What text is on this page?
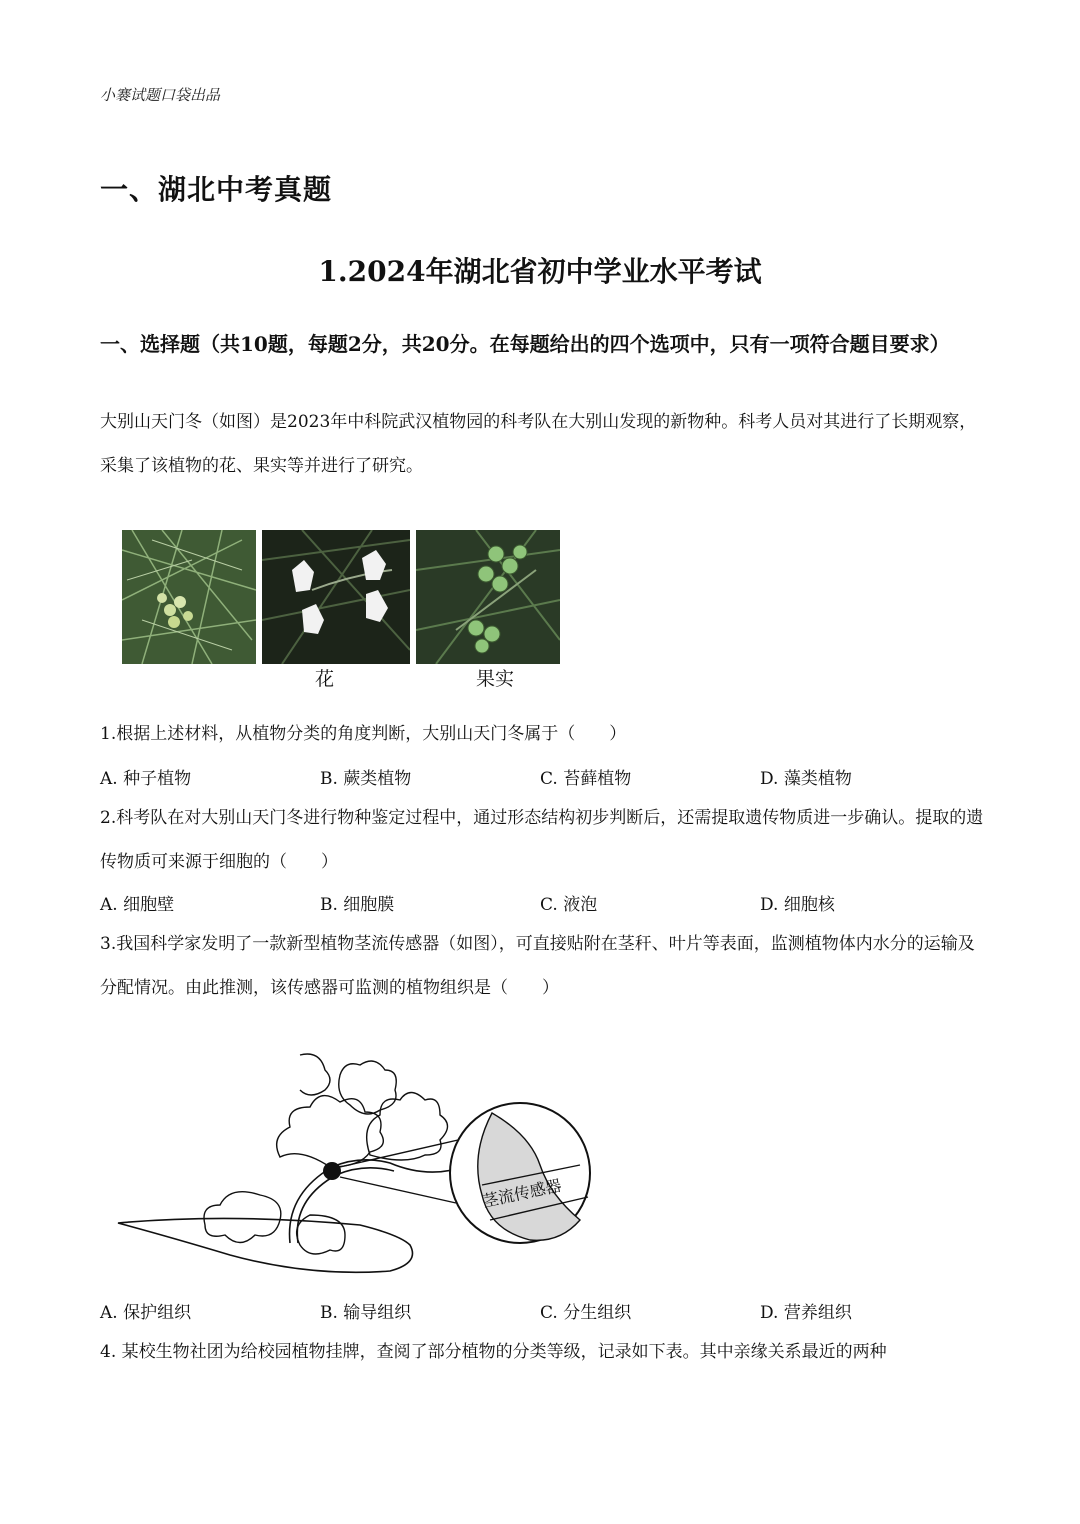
小褰试题口袋出品
一、湖北中考真题
1.2024年湖北省初中学业水平考试
一、选择题（共10题，每题2分，共20分。在每题给出的四个选项中，只有一项符合题目要求）
大别山天门冬（如图）是2023年中科院武汉植物园的科考队在大别山发现的新物种。科考人员对其进行了长期观察，采集了该植物的花、果实等并进行了研究。
花	果实
1.根据上述材料，从植物分类的角度判断，大别山天门冬属于（　　）
A. 种子植物	B. 蕨类植物	C. 苔藓植物	D. 藻类植物
2.科考队在对大别山天门冬进行物种鉴定过程中，通过形态结构初步判断后，还需提取遗传物质进一步确认。提取的遗传物质可来源于细胞的（　　）
A. 细胞壁	B. 细胞膜	C. 液泡	D. 细胞核
3.我国科学家发明了一款新型植物茎流传感器（如图），可直接贴附在茎秆、叶片等表面，监测植物体内水分的运输及分配情况。由此推测，该传感器可监测的植物组织是（　　）
茎流传感器
A. 保护组织	B. 输导组织	C. 分生组织	D. 营养组织
4. 某校生物社团为给校园植物挂牌，查阅了部分植物的分类等级，记录如下表。其中亲缘关系最近的两种
